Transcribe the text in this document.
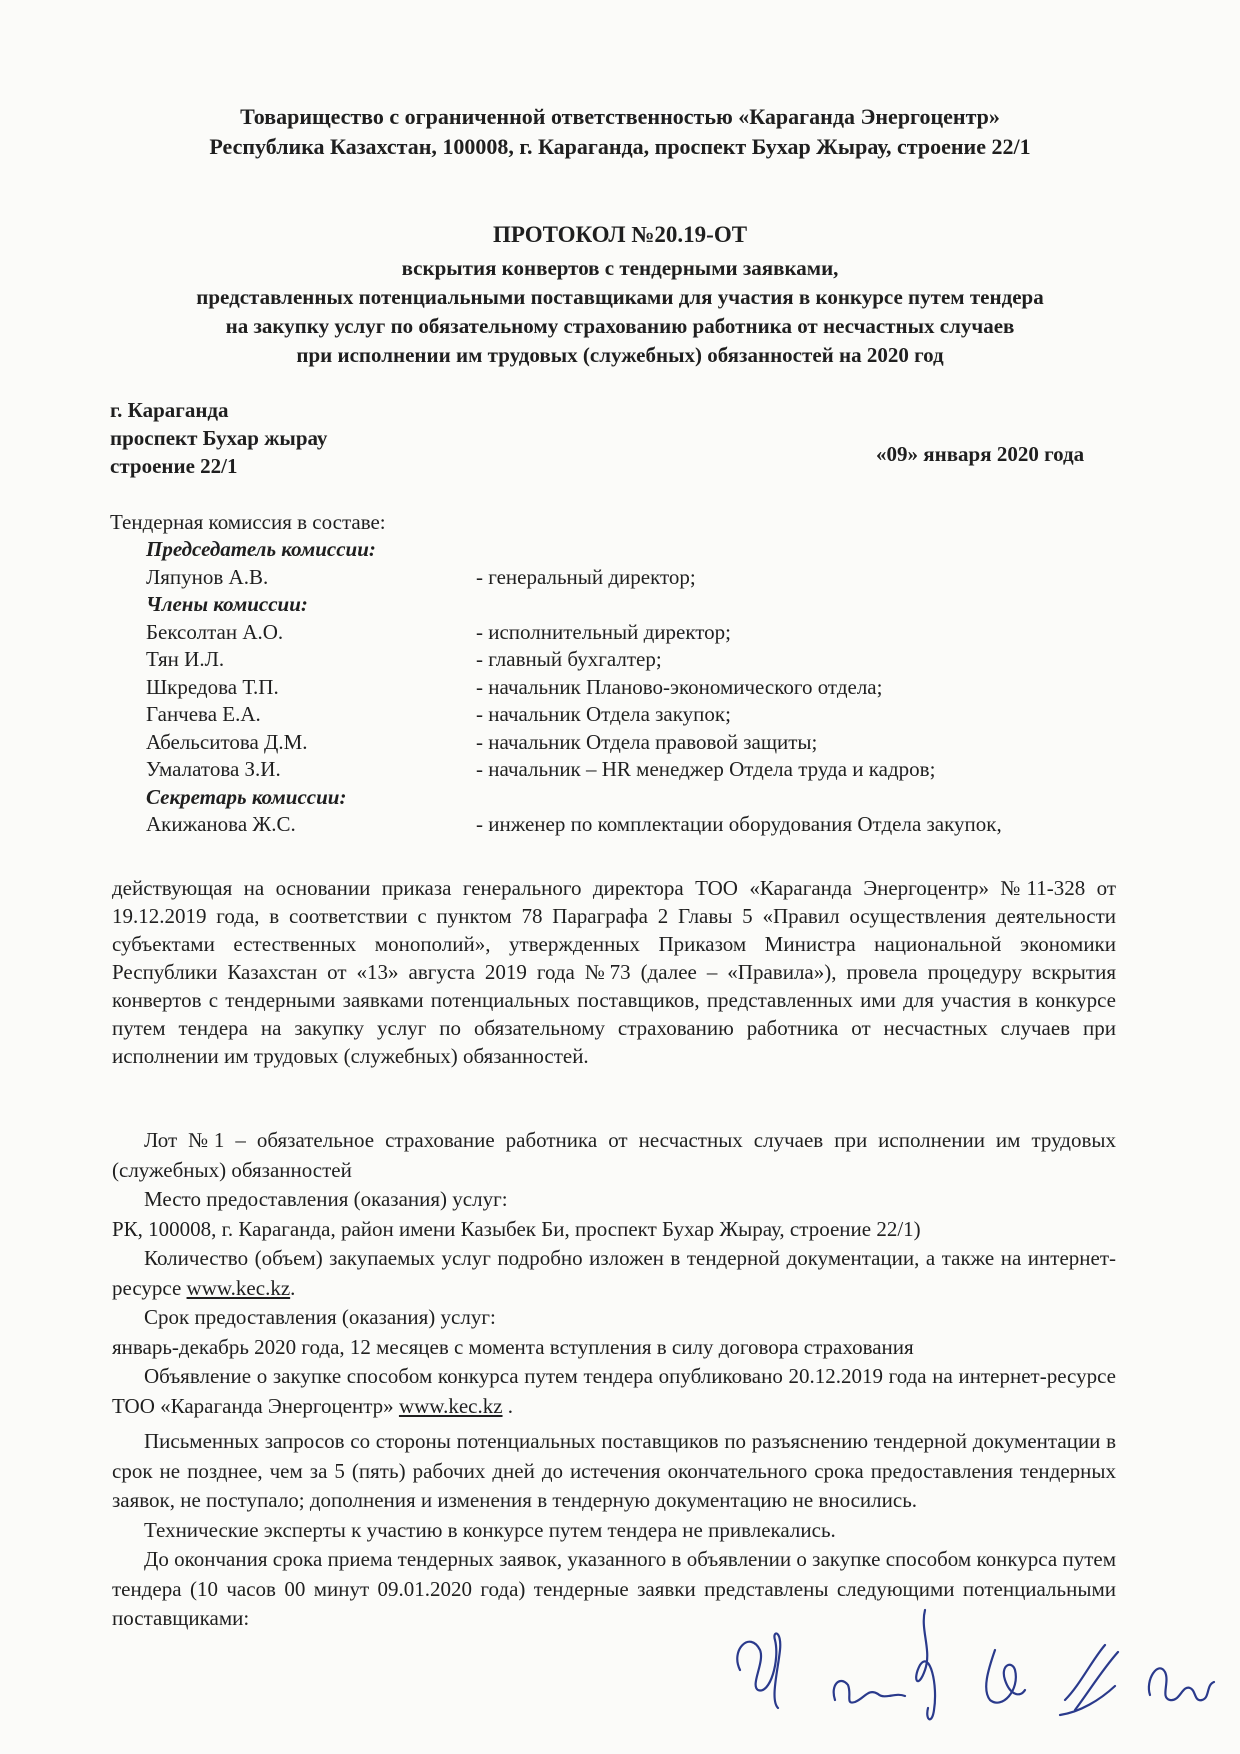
Товарищество с ограниченной ответственностью «Караганда Энергоцентр»
Республика Казахстан, 100008, г. Караганда, проспект Бухар Жырау, строение 22/1
ПРОТОКОЛ №20.19-ОТ
вскрытия конвертов с тендерными заявками,
представленных потенциальными поставщиками для участия в конкурсе путем тендера
на закупку услуг по обязательному страхованию работника от несчастных случаев
при исполнении им трудовых (служебных) обязанностей на 2020 год
г. Караганда
проспект Бухар жырау
строение 22/1	«09» января 2020 года
Тендерная комиссия в составе:
Председатель комиссии:
Ляпунов А.В.	- генеральный директор;
Члены комиссии:
Бексолтан А.О.	- исполнительный директор;
Тян И.Л.	- главный бухгалтер;
Шкредова Т.П.	- начальник Планово-экономического отдела;
Ганчева Е.А.	- начальник Отдела закупок;
Абельситова Д.М.	- начальник Отдела правовой защиты;
Умалатова З.И.	- начальник – HR менеджер Отдела труда и кадров;
Секретарь комиссии:
Акижанова Ж.С.	- инженер по комплектации оборудования Отдела закупок,
действующая на основании приказа генерального директора ТОО «Караганда Энергоцентр» №11-328 от 19.12.2019 года, в соответствии с пунктом 78 Параграфа 2 Главы 5 «Правил осуществления деятельности субъектами естественных монополий», утвержденных Приказом Министра национальной экономики Республики Казахстан от «13» августа 2019 года №73 (далее – «Правила»), провела процедуру вскрытия конвертов с тендерными заявками потенциальных поставщиков, представленных ими для участия в конкурсе путем тендера на закупку услуг по обязательному страхованию работника от несчастных случаев при исполнении им трудовых (служебных) обязанностей.

Лот №1 – обязательное страхование работника от несчастных случаев при исполнении им трудовых (служебных) обязанностей

Место предоставления (оказания) услуг:

РК, 100008, г. Караганда, район имени Казыбек Би, проспект Бухар Жырау, строение 22/1)

Количество (объем) закупаемых услуг подробно изложен в тендерной документации, а также на интернет-ресурсе www.kec.kz.

Срок предоставления (оказания) услуг:

январь-декабрь 2020 года, 12 месяцев с момента вступления в силу договора страхования

Объявление о закупке способом конкурса путем тендера опубликовано 20.12.2019 года на интернет-ресурсе ТОО «Караганда Энергоцентр» www.kec.kz .

Письменных запросов со стороны потенциальных поставщиков по разъяснению тендерной документации в срок не позднее, чем за 5 (пять) рабочих дней до истечения окончательного срока предоставления тендерных заявок, не поступало; дополнения и изменения в тендерную документацию не вносились.

Технические эксперты к участию в конкурсе путем тендера не привлекались.

До окончания срока приема тендерных заявок, указанного в объявлении о закупке способом конкурса путем тендера (10 часов 00 минут 09.01.2020 года) тендерные заявки представлены следующими потенциальными поставщиками:
